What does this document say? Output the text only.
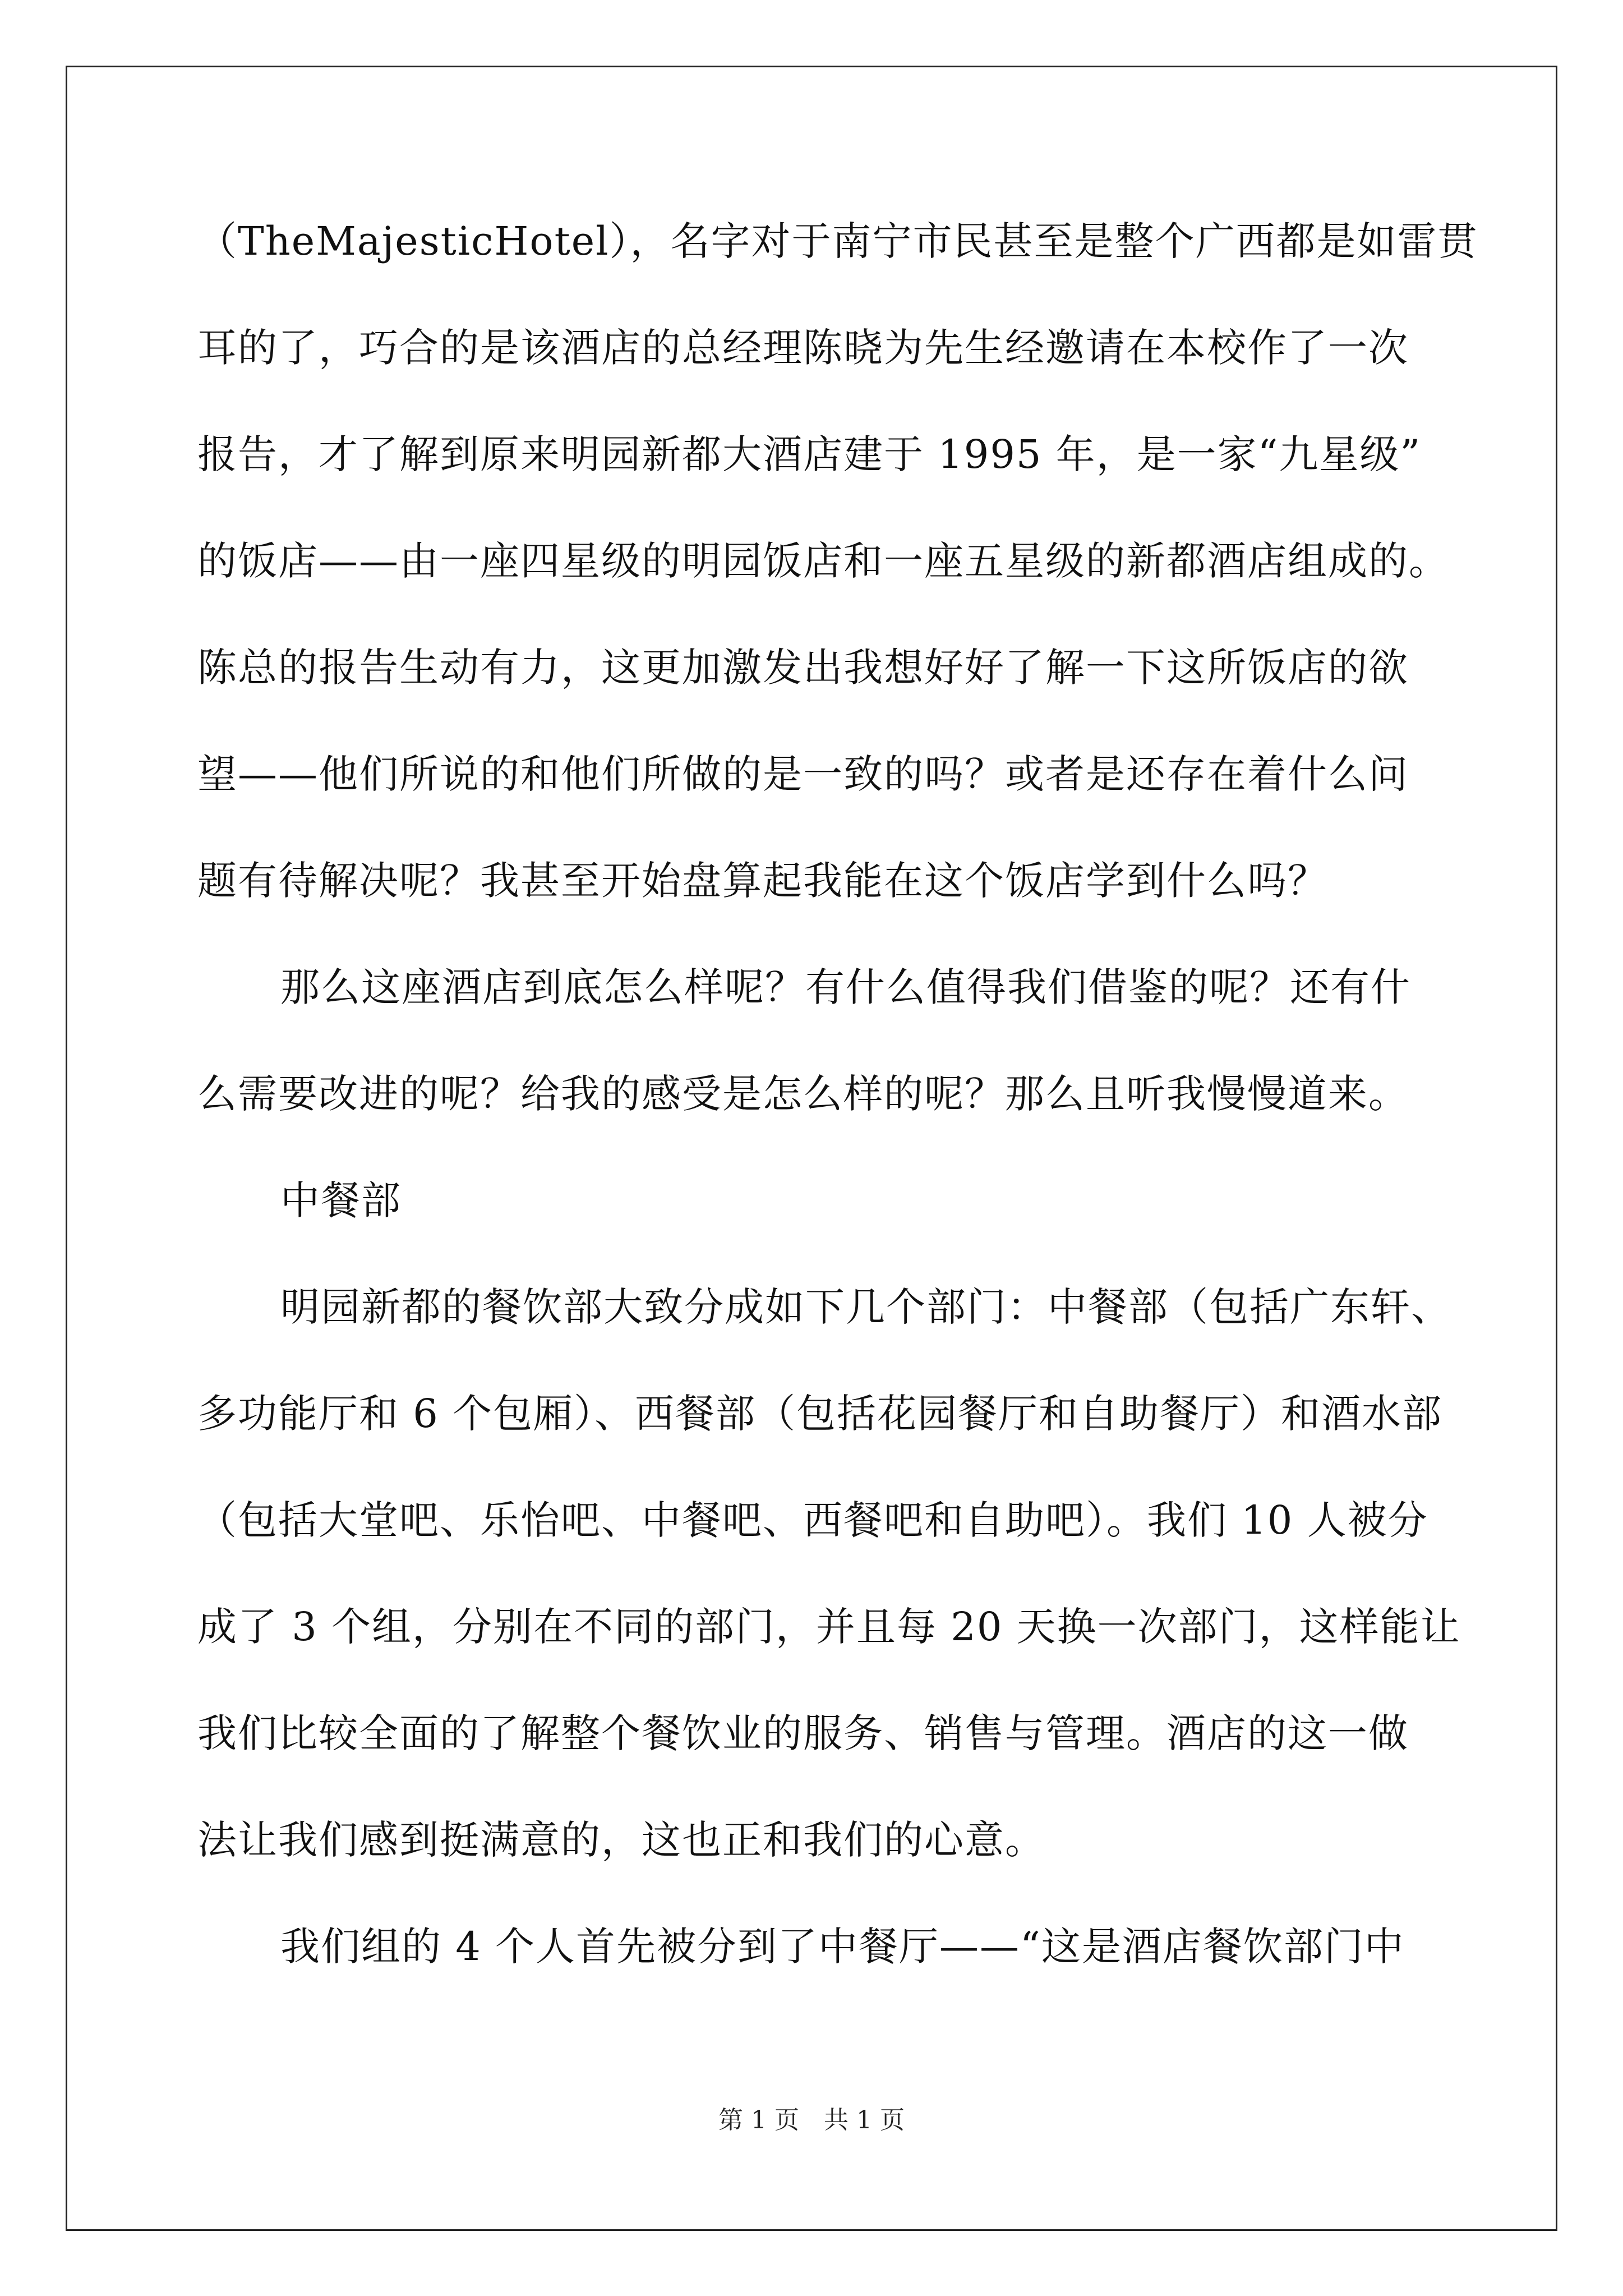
（TheMajesticHotel），名字对于南宁市民甚至是整个广西都是如雷贯
耳的了，巧合的是该酒店的总经理陈晓为先生经邀请在本校作了一次
报告，才了解到原来明园新都大酒店建于 1995 年，是一家“九星级”
的饭店——由一座四星级的明园饭店和一座五星级的新都酒店组成的。
陈总的报告生动有力，这更加激发出我想好好了解一下这所饭店的欲
望——他们所说的和他们所做的是一致的吗？或者是还存在着什么问
题有待解决呢？我甚至开始盘算起我能在这个饭店学到什么吗？
那么这座酒店到底怎么样呢？有什么值得我们借鉴的呢？还有什
么需要改进的呢？给我的感受是怎么样的呢？那么且听我慢慢道来。
中餐部
明园新都的餐饮部大致分成如下几个部门：中餐部（包括广东轩、
多功能厅和 6 个包厢）、西餐部（包括花园餐厅和自助餐厅）和酒水部
（包括大堂吧、乐怡吧、中餐吧、西餐吧和自助吧）。我们 10 人被分
成了 3 个组，分别在不同的部门，并且每 20 天换一次部门，这样能让
我们比较全面的了解整个餐饮业的服务、销售与管理。酒店的这一做
法让我们感到挺满意的，这也正和我们的心意。
我们组的 4 个人首先被分到了中餐厅——“这是酒店餐饮部门中
第 1 页　共 1 页
